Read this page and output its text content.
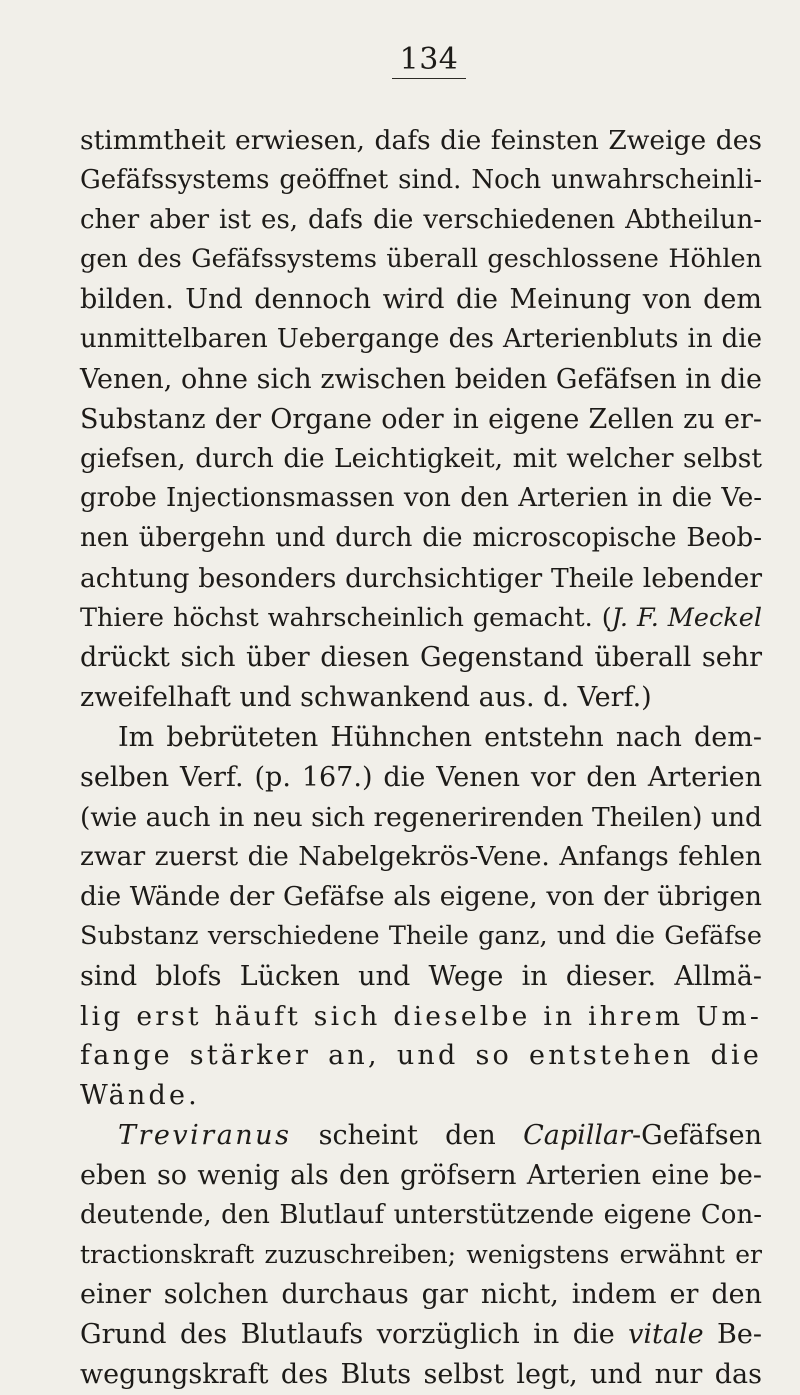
134
stimmtheit erwiesen, dafs die feinsten Zweige des
Gefäfssystems geöffnet sind. Noch unwahrscheinli-
cher aber ist es, dafs die verschiedenen Abtheilun-
gen des Gefäfssystems überall geschlossene Höhlen
bilden. Und dennoch wird die Meinung von dem
unmittelbaren Uebergange des Arterienbluts in die
Venen, ohne sich zwischen beiden Gefäfsen in die
Substanz der Organe oder in eigene Zellen zu er-
giefsen, durch die Leichtigkeit, mit welcher selbst
grobe Injectionsmassen von den Arterien in die Ve-
nen übergehn und durch die microscopische Beob-
achtung besonders durchsichtiger Theile lebender
Thiere höchst wahrscheinlich gemacht. (J. F. Meckel
drückt sich über diesen Gegenstand überall sehr
zweifelhaft und schwankend aus. d. Verf.)
Im bebrüteten Hühnchen entstehn nach dem-
selben Verf. (p. 167.) die Venen vor den Arterien
(wie auch in neu sich regenerirenden Theilen) und
zwar zuerst die Nabelgekrös-Vene. Anfangs fehlen
die Wände der Gefäfse als eigene, von der übrigen
Substanz verschiedene Theile ganz, und die Gefäfse
sind blofs Lücken und Wege in dieser. Allmä-
lig erst häuft sich dieselbe in ihrem Um-
fange stärker an, und so entstehen die
Wände.
Treviranus scheint den Capillar-Gefäfsen
eben so wenig als den gröfsern Arterien eine be-
deutende, den Blutlauf unterstützende eigene Con-
tractionskraft zuzuschreiben; wenigstens erwähnt er
einer solchen durchaus gar nicht, indem er den
Grund des Blutlaufs vorzüglich in die vitale Be-
wegungskraft des Bluts selbst legt, und nur das
